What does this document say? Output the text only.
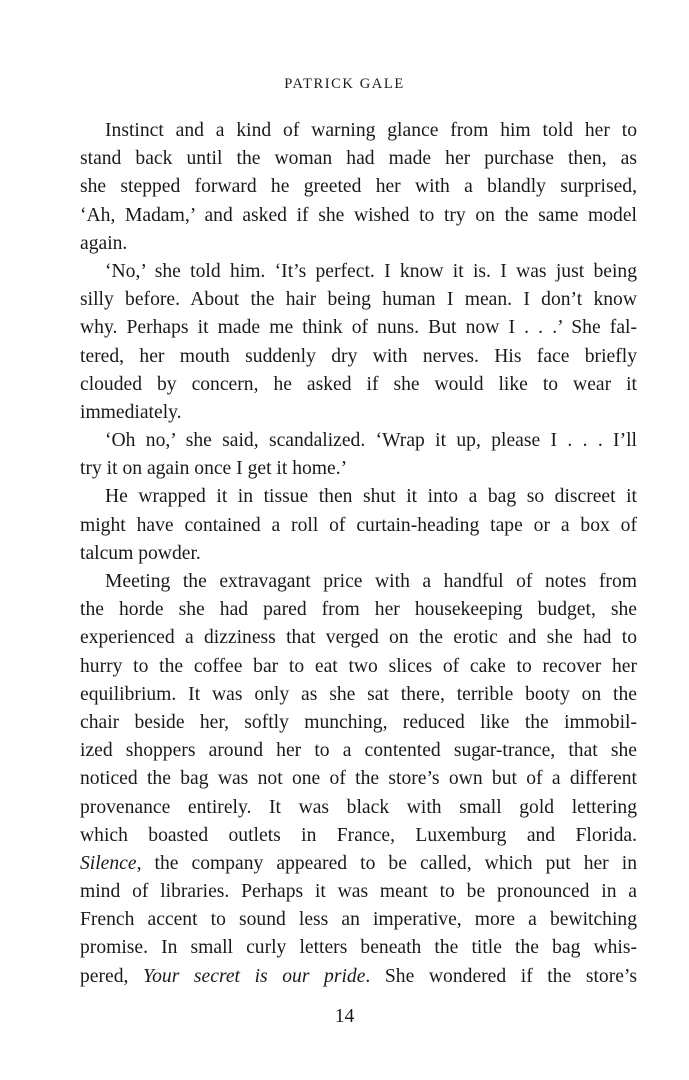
PATRICK GALE
Instinct and a kind of warning glance from him told her to
stand back until the woman had made her purchase then, as
she stepped forward he greeted her with a blandly surprised,
‘Ah, Madam,’ and asked if she wished to try on the same model
again.
‘No,’ she told him. ‘It’s perfect. I know it is. I was just being
silly before. About the hair being human I mean. I don’t know
why. Perhaps it made me think of nuns. But now I . . .’ She fal-
tered, her mouth suddenly dry with nerves. His face briefly
clouded by concern, he asked if she would like to wear it
immediately.
‘Oh no,’ she said, scandalized. ‘Wrap it up, please I . . . I’ll
try it on again once I get it home.’
He wrapped it in tissue then shut it into a bag so discreet it
might have contained a roll of curtain-heading tape or a box of
talcum powder.
Meeting the extravagant price with a handful of notes from
the horde she had pared from her housekeeping budget, she
experienced a dizziness that verged on the erotic and she had to
hurry to the coffee bar to eat two slices of cake to recover her
equilibrium. It was only as she sat there, terrible booty on the
chair beside her, softly munching, reduced like the immobil-
ized shoppers around her to a contented sugar-trance, that she
noticed the bag was not one of the store’s own but of a different
provenance entirely. It was black with small gold lettering
which boasted outlets in France, Luxemburg and Florida.
Silence, the company appeared to be called, which put her in
mind of libraries. Perhaps it was meant to be pronounced in a
French accent to sound less an imperative, more a bewitching
promise. In small curly letters beneath the title the bag whis-
pered, Your secret is our pride. She wondered if the store’s
14
